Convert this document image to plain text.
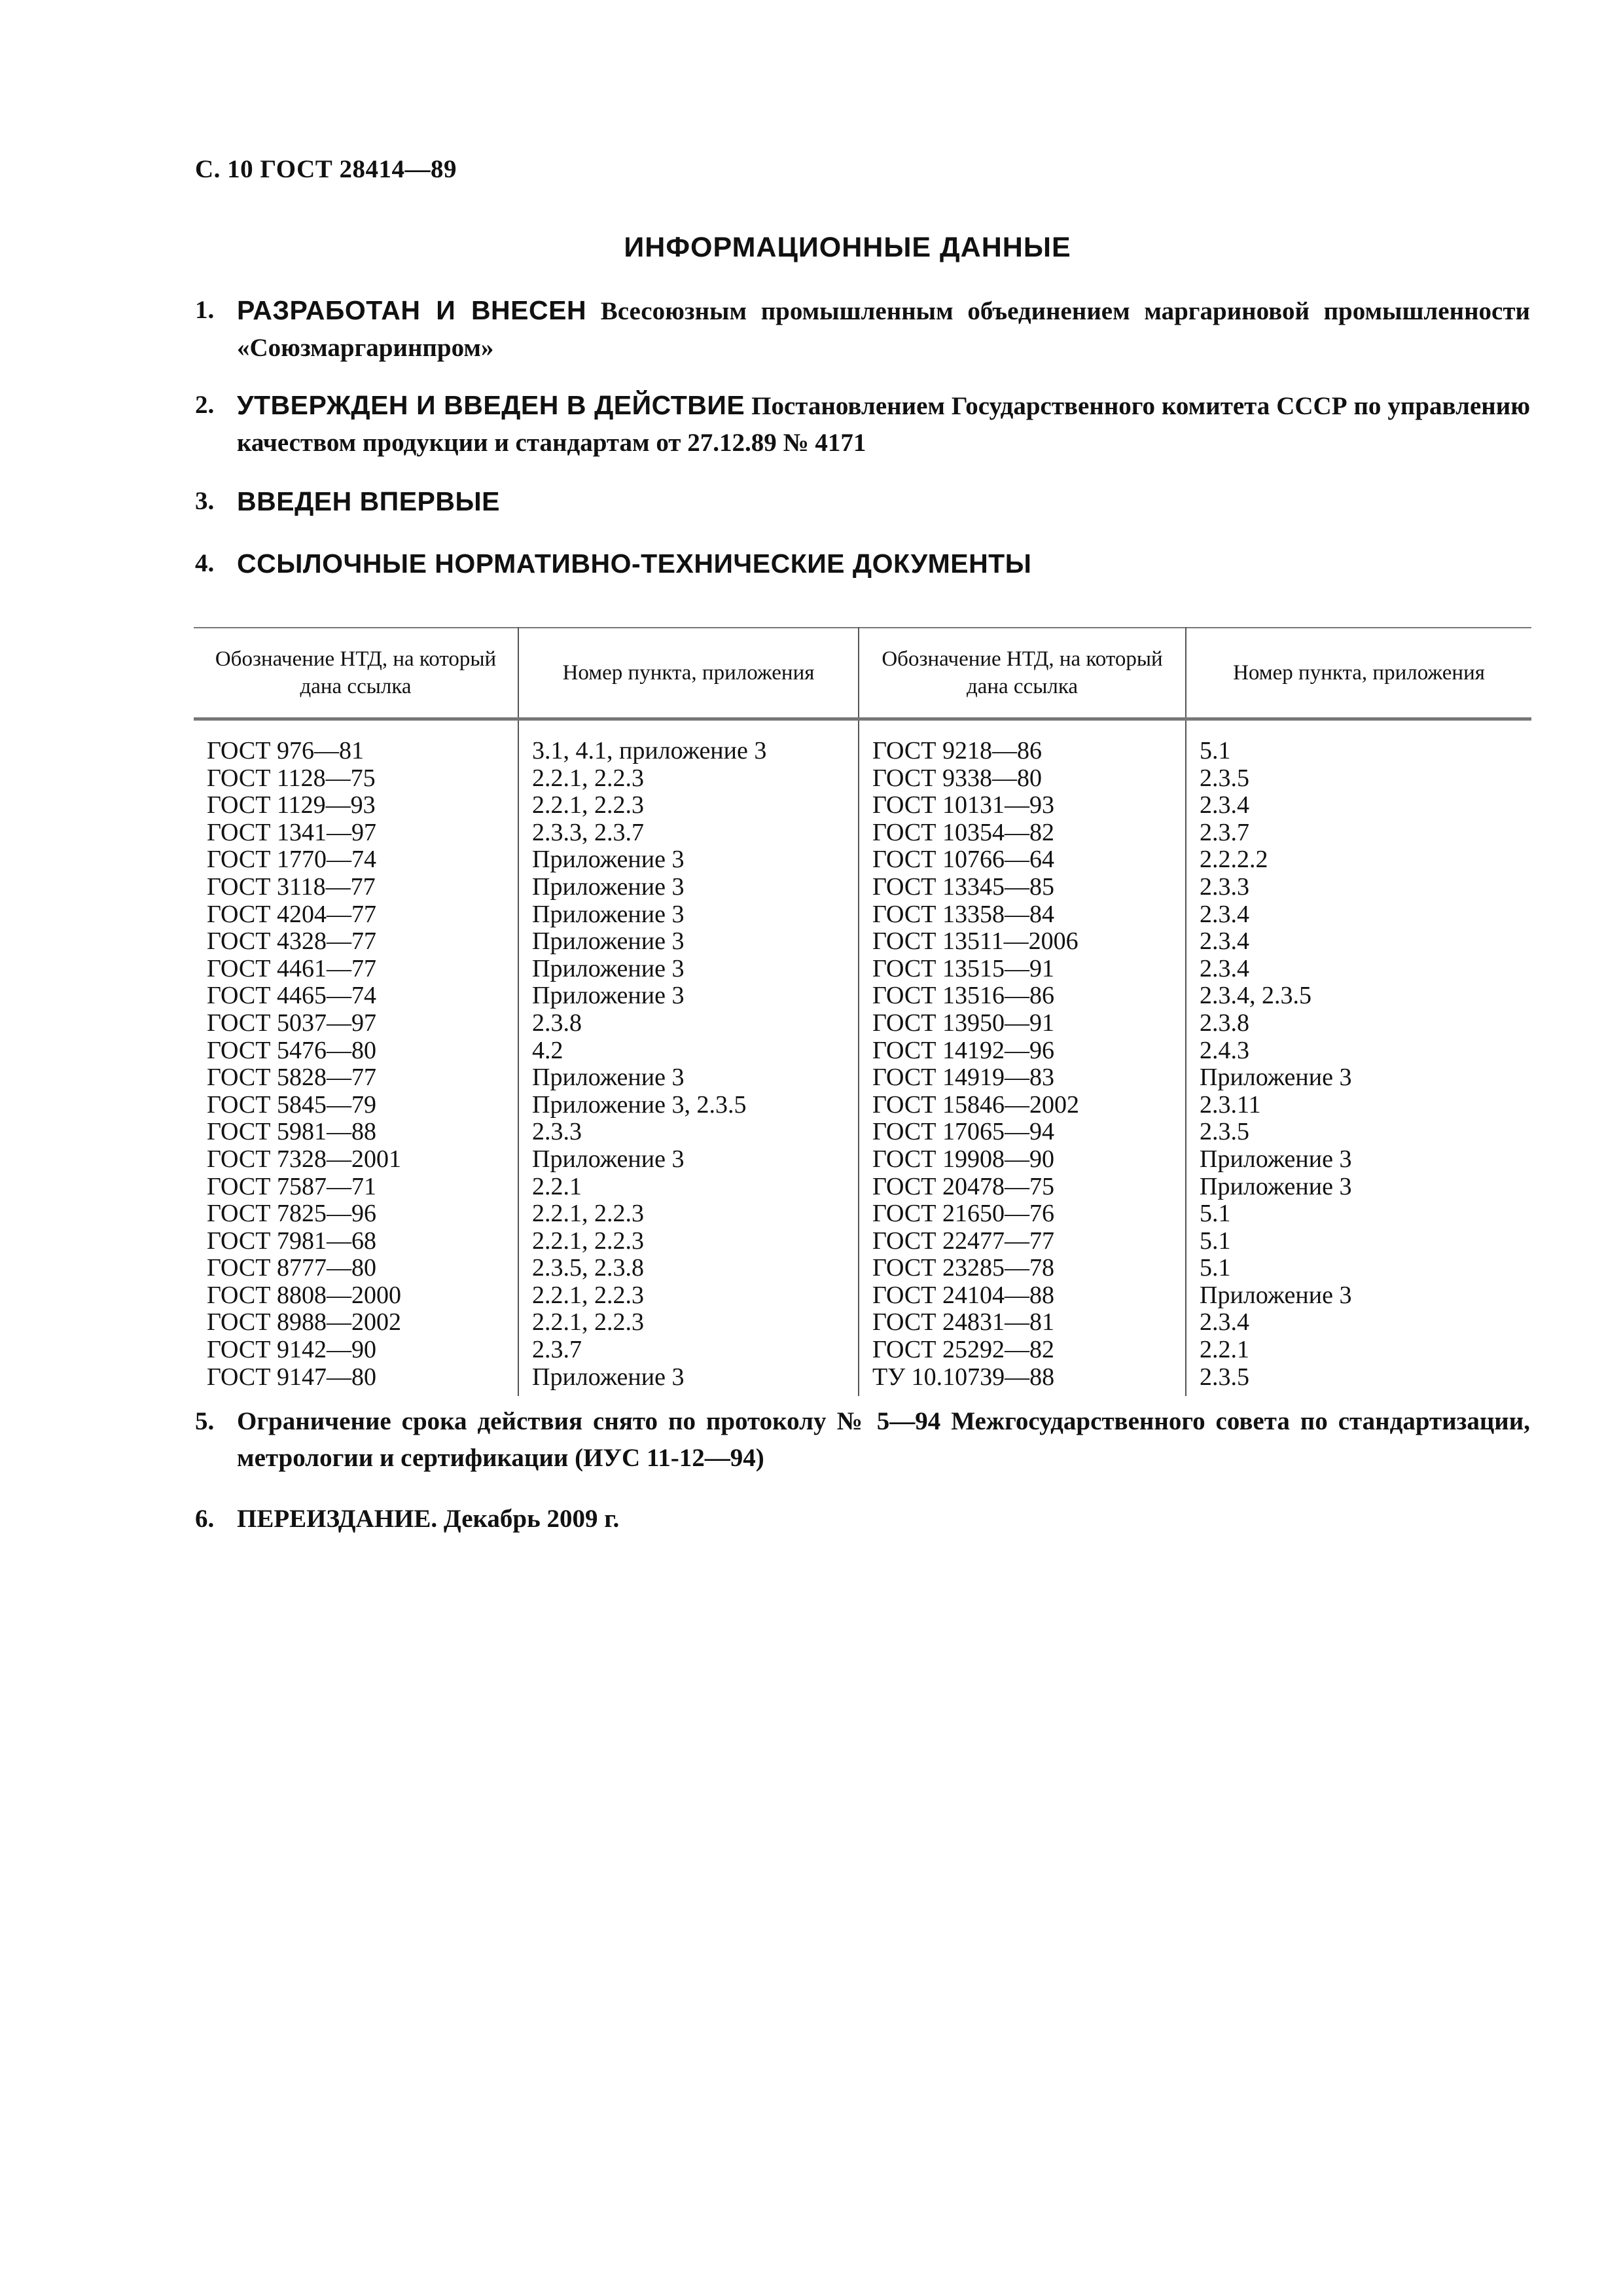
С. 10 ГОСТ 28414—89
ИНФОРМАЦИОННЫЕ ДАННЫЕ
1. РАЗРАБОТАН И ВНЕСЕН Всесоюзным промышленным объединением маргариновой промышленности «Союзмаргаринпром»
2. УТВЕРЖДЕН И ВВЕДЕН В ДЕЙСТВИЕ Постановлением Государственного комитета СССР по управлению качеством продукции и стандартам от 27.12.89 № 4171
3. ВВЕДЕН ВПЕРВЫЕ
4. ССЫЛОЧНЫЕ НОРМАТИВНО-ТЕХНИЧЕСКИЕ ДОКУМЕНТЫ
Обозначение НТД, на который дана ссылка	Номер пункта, приложения	Обозначение НТД, на который дана ссылка	Номер пункта, приложения
ГОСТ 976—81	3.1, 4.1, приложение 3	ГОСТ 9218—86	5.1
ГОСТ 1128—75	2.2.1, 2.2.3	ГОСТ 9338—80	2.3.5
ГОСТ 1129—93	2.2.1, 2.2.3	ГОСТ 10131—93	2.3.4
ГОСТ 1341—97	2.3.3, 2.3.7	ГОСТ 10354—82	2.3.7
ГОСТ 1770—74	Приложение 3	ГОСТ 10766—64	2.2.2.2
ГОСТ 3118—77	Приложение 3	ГОСТ 13345—85	2.3.3
ГОСТ 4204—77	Приложение 3	ГОСТ 13358—84	2.3.4
ГОСТ 4328—77	Приложение 3	ГОСТ 13511—2006	2.3.4
ГОСТ 4461—77	Приложение 3	ГОСТ 13515—91	2.3.4
ГОСТ 4465—74	Приложение 3	ГОСТ 13516—86	2.3.4, 2.3.5
ГОСТ 5037—97	2.3.8	ГОСТ 13950—91	2.3.8
ГОСТ 5476—80	4.2	ГОСТ 14192—96	2.4.3
ГОСТ 5828—77	Приложение 3	ГОСТ 14919—83	Приложение 3
ГОСТ 5845—79	Приложение 3, 2.3.5	ГОСТ 15846—2002	2.3.11
ГОСТ 5981—88	2.3.3	ГОСТ 17065—94	2.3.5
ГОСТ 7328—2001	Приложение 3	ГОСТ 19908—90	Приложение 3
ГОСТ 7587—71	2.2.1	ГОСТ 20478—75	Приложение 3
ГОСТ 7825—96	2.2.1, 2.2.3	ГОСТ 21650—76	5.1
ГОСТ 7981—68	2.2.1, 2.2.3	ГОСТ 22477—77	5.1
ГОСТ 8777—80	2.3.5, 2.3.8	ГОСТ 23285—78	5.1
ГОСТ 8808—2000	2.2.1, 2.2.3	ГОСТ 24104—88	Приложение 3
ГОСТ 8988—2002	2.2.1, 2.2.3	ГОСТ 24831—81	2.3.4
ГОСТ 9142—90	2.3.7	ГОСТ 25292—82	2.2.1
ГОСТ 9147—80	Приложение 3	ТУ 10.10739—88	2.3.5
5. Ограничение срока действия снято по протоколу № 5—94 Межгосударственного совета по стандартизации, метрологии и сертификации (ИУС 11-12—94)
6. ПЕРЕИЗДАНИЕ. Декабрь 2009 г.
